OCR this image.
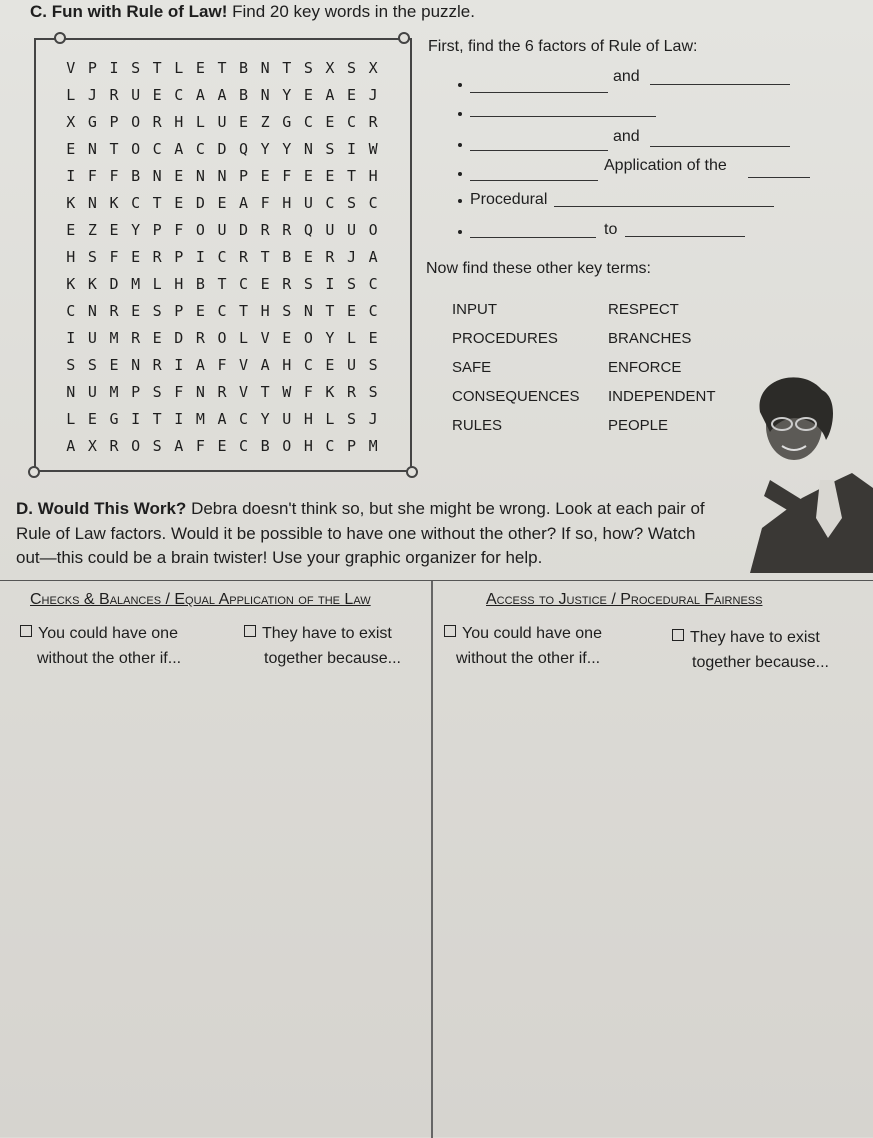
C. Fun with Rule of Law! Find 20 key words in the puzzle.
V P I S T L E T B N T S X S X
L J R U E C A A B N Y E A E J
X G P O R H L U E Z G C E C R
E N T O C A C D Q Y Y N S I W
I F F B N E N N P E F E E T H
K N K C T E D E A F H U C S C
E Z E Y P F O U D R R Q U U O
H S F E R P I C R T B E R J A
K K D M L H B T C E R S I S C
C N R E S P E C T H S N T E C
I U M R E D R O L V E O Y L E
S S E N R I A F V A H C E U S
N U M P S F N R V T W F K R S
L E G I T I M A C Y U H L S J
A X R O S A F E C B O H C P M
First, find the 6 factors of Rule of Law:
and
and
Application of the
Procedural
to
Now find these other key terms:
INPUT	RESPECT
PROCEDURES	BRANCHES
SAFE	ENFORCE
CONSEQUENCES INDEPENDENT
RULES	PEOPLE
D. Would This Work? Debra doesn't think so, but she might be wrong. Look at each pair of Rule of Law factors. Would it be possible to have one without the other? If so, how? Watch out—this could be a brain twister! Use your graphic organizer for help.
Checks & Balances / Equal Application of the Law	Access to Justice / Procedural Fairness
You could have one
without the other if...
They have to exist
together because...
You could have one
without the other if...
They have to exist
together because...
